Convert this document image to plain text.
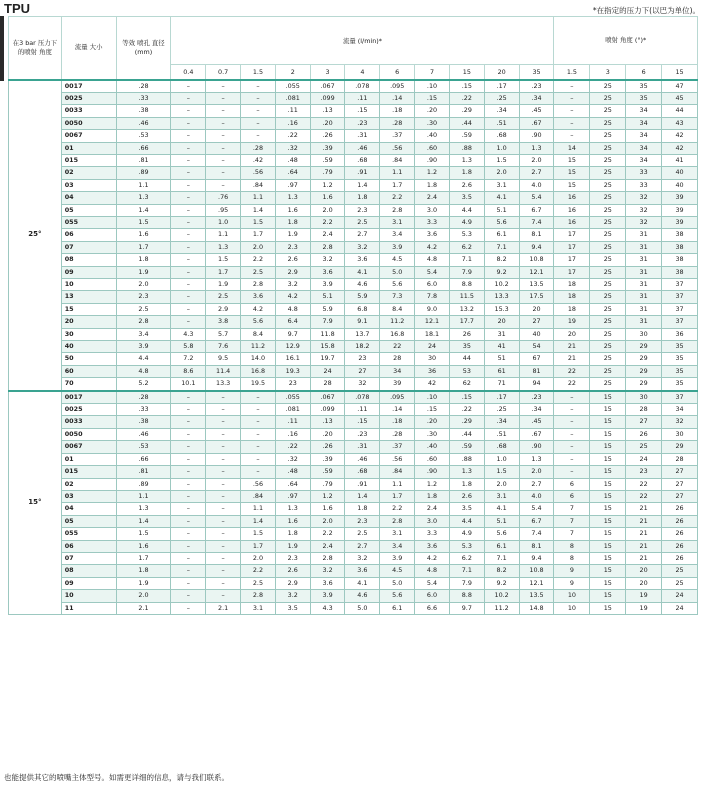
TPU	*在指定的压力下(以巴为单位)。
在3 bar 压力下 的喷射 角度	流量 大小	等效 喷孔 直径 (mm)	流量 (l/min)*											喷射 角度 (°)*			
			0.4	0.7	1.5	2	3	4	6	7	15	20	35	1.5	3	6	15
25°	0017	.28	–	–	–	.055	.067	.078	.095	.10	.15	.17	.23	–	25	35	47
	0025	.33	–	–	–	.081	.099	.11	.14	.15	.22	.25	.34	–	25	35	45
	0033	.38	–	–	–	.11	.13	.15	.18	.20	.29	.34	.45	–	25	34	44
	0050	.46	–	–	–	.16	.20	.23	.28	.30	.44	.51	.67	–	25	34	43
	0067	.53	–	–	–	.22	.26	.31	.37	.40	.59	.68	.90	–	25	34	42
	01	.66	–	–	.28	.32	.39	.46	.56	.60	.88	1.0	1.3	14	25	34	42
	015	.81	–	–	.42	.48	.59	.68	.84	.90	1.3	1.5	2.0	15	25	34	41
	02	.89	–	–	.56	.64	.79	.91	1.1	1.2	1.8	2.0	2.7	15	25	33	40
	03	1.1	–	–	.84	.97	1.2	1.4	1.7	1.8	2.6	3.1	4.0	15	25	33	40
	04	1.3	–	.76	1.1	1.3	1.6	1.8	2.2	2.4	3.5	4.1	5.4	16	25	32	39
	05	1.4	–	.95	1.4	1.6	2.0	2.3	2.8	3.0	4.4	5.1	6.7	16	25	32	39
	055	1.5	–	1.0	1.5	1.8	2.2	2.5	3.1	3.3	4.9	5.6	7.4	16	25	32	39
	06	1.6	–	1.1	1.7	1.9	2.4	2.7	3.4	3.6	5.3	6.1	8.1	17	25	31	38
	07	1.7	–	1.3	2.0	2.3	2.8	3.2	3.9	4.2	6.2	7.1	9.4	17	25	31	38
	08	1.8	–	1.5	2.2	2.6	3.2	3.6	4.5	4.8	7.1	8.2	10.8	17	25	31	38
	09	1.9	–	1.7	2.5	2.9	3.6	4.1	5.0	5.4	7.9	9.2	12.1	17	25	31	38
	10	2.0	–	1.9	2.8	3.2	3.9	4.6	5.6	6.0	8.8	10.2	13.5	18	25	31	37
	13	2.3	–	2.5	3.6	4.2	5.1	5.9	7.3	7.8	11.5	13.3	17.5	18	25	31	37
	15	2.5	–	2.9	4.2	4.8	5.9	6.8	8.4	9.0	13.2	15.3	20	18	25	31	37
	20	2.8	–	3.8	5.6	6.4	7.9	9.1	11.2	12.1	17.7	20	27	19	25	31	37
	30	3.4	4.3	5.7	8.4	9.7	11.8	13.7	16.8	18.1	26	31	40	20	25	30	36
	40	3.9	5.8	7.6	11.2	12.9	15.8	18.2	22	24	35	41	54	21	25	29	35
	50	4.4	7.2	9.5	14.0	16.1	19.7	23	28	30	44	51	67	21	25	29	35
	60	4.8	8.6	11.4	16.8	19.3	24	27	34	36	53	61	81	22	25	29	35
	70	5.2	10.1	13.3	19.5	23	28	32	39	42	62	71	94	22	25	29	35
15°	0017	.28	–	–	–	.055	.067	.078	.095	.10	.15	.17	.23	–	15	30	37
	0025	.33	–	–	–	.081	.099	.11	.14	.15	.22	.25	.34	–	15	28	34
	0033	.38	–	–	–	.11	.13	.15	.18	.20	.29	.34	.45	–	15	27	32
	0050	.46	–	–	–	.16	.20	.23	.28	.30	.44	.51	.67	–	15	26	30
	0067	.53	–	–	–	.22	.26	.31	.37	.40	.59	.68	.90	–	15	25	29
	01	.66	–	–	–	.32	.39	.46	.56	.60	.88	1.0	1.3	–	15	24	28
	015	.81	–	–	–	.48	.59	.68	.84	.90	1.3	1.5	2.0	–	15	23	27
	02	.89	–	–	.56	.64	.79	.91	1.1	1.2	1.8	2.0	2.7	6	15	22	27
	03	1.1	–	–	.84	.97	1.2	1.4	1.7	1.8	2.6	3.1	4.0	6	15	22	27
	04	1.3	–	–	1.1	1.3	1.6	1.8	2.2	2.4	3.5	4.1	5.4	7	15	21	26
	05	1.4	–	–	1.4	1.6	2.0	2.3	2.8	3.0	4.4	5.1	6.7	7	15	21	26
	055	1.5	–	–	1.5	1.8	2.2	2.5	3.1	3.3	4.9	5.6	7.4	7	15	21	26
	06	1.6	–	–	1.7	1.9	2.4	2.7	3.4	3.6	5.3	6.1	8.1	8	15	21	26
	07	1.7	–	–	2.0	2.3	2.8	3.2	3.9	4.2	6.2	7.1	9.4	8	15	21	26
	08	1.8	–	–	2.2	2.6	3.2	3.6	4.5	4.8	7.1	8.2	10.8	9	15	20	25
	09	1.9	–	–	2.5	2.9	3.6	4.1	5.0	5.4	7.9	9.2	12.1	9	15	20	25
	10	2.0	–	–	2.8	3.2	3.9	4.6	5.6	6.0	8.8	10.2	13.5	10	15	19	24
	11	2.1	–	2.1	3.1	3.5	4.3	5.0	6.1	6.6	9.7	11.2	14.8	10	15	19	24
也能提供其它的喷嘴主体型号。如需更详细的信息，请与我们联系。
